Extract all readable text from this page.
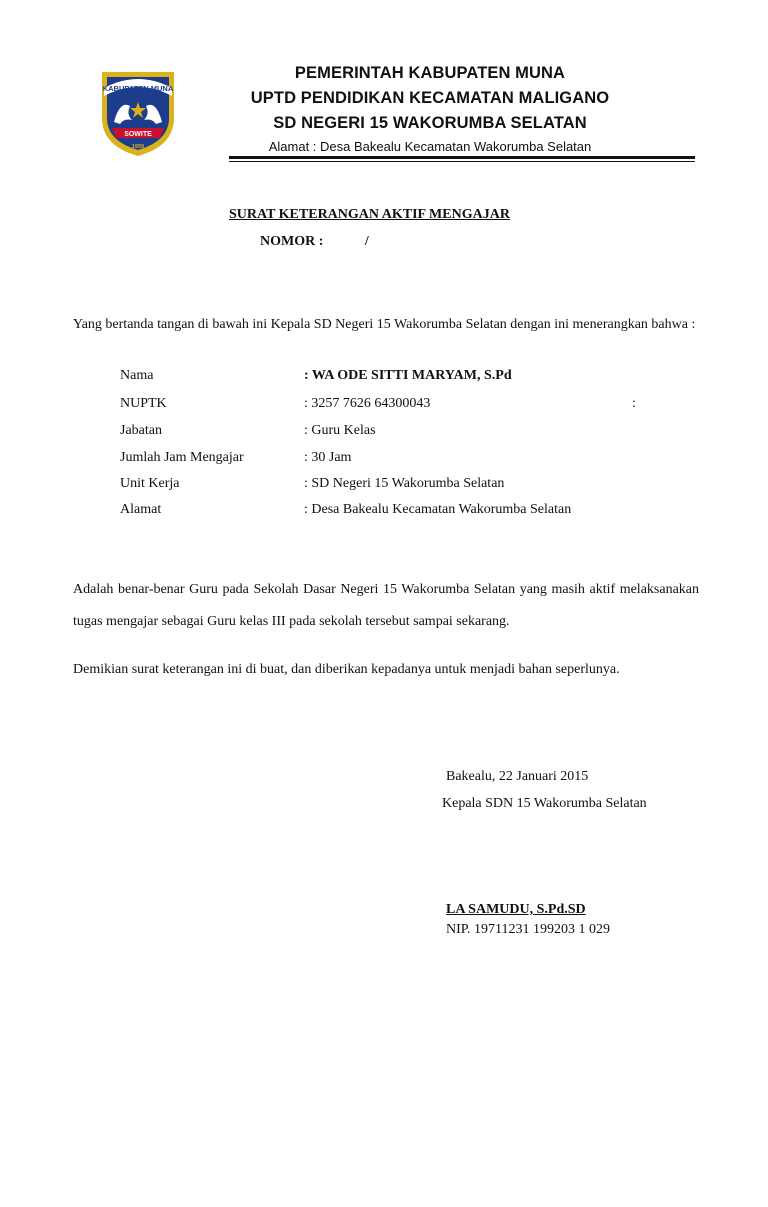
KABUPATEN MUNA
SOWITE
1959
PEMERINTAH KABUPATEN MUNA
UPTD PENDIDIKAN KECAMATAN MALIGANO
SD NEGERI 15 WAKORUMBA SELATAN
Alamat : Desa Bakealu Kecamatan Wakorumba Selatan
SURAT KETERANGAN AKTIF MENGAJAR
NOMOR :	/
Yang bertanda tangan di bawah ini Kepala SD Negeri 15 Wakorumba Selatan dengan ini menerangkan bahwa :
Nama	: WA ODE SITTI MARYAM, S.Pd
NUPTK	: 3257 7626 64300043	:
Jabatan	: Guru Kelas
Jumlah Jam Mengajar	: 30 Jam
Unit Kerja	: SD Negeri 15 Wakorumba Selatan
Alamat	: Desa Bakealu Kecamatan Wakorumba Selatan
Adalah benar-benar Guru pada Sekolah Dasar Negeri 15 Wakorumba Selatan yang masih aktif melaksanakan tugas mengajar sebagai Guru kelas III pada sekolah tersebut sampai sekarang.
Demikian surat keterangan ini di buat, dan diberikan kepadanya untuk menjadi bahan seperlunya.
Bakealu, 22 Januari 2015
Kepala SDN 15 Wakorumba Selatan
LA SAMUDU, S.Pd.SD
NIP. 19711231 199203 1 029
